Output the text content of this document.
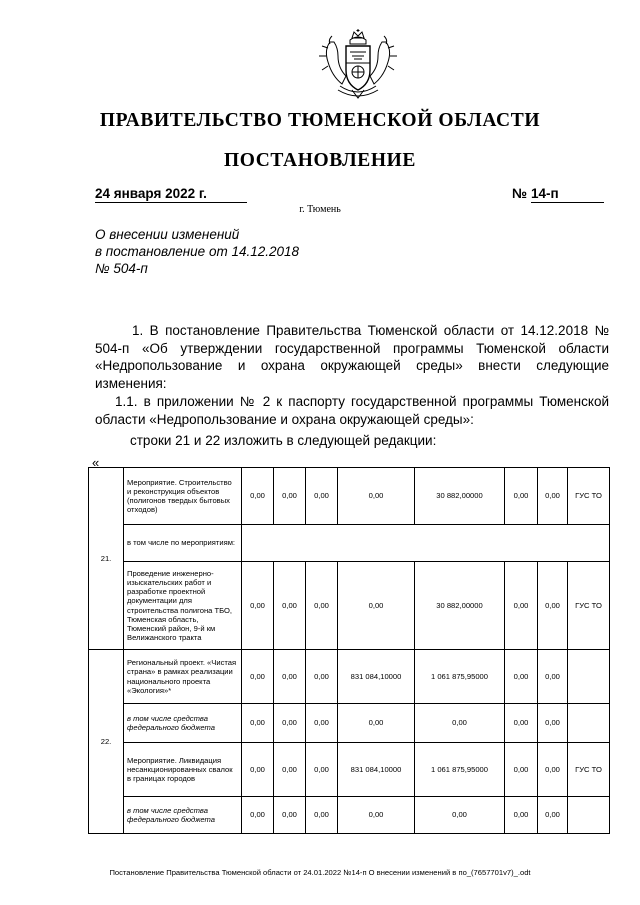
ПРАВИТЕЛЬСТВО ТЮМЕНСКОЙ ОБЛАСТИ
ПОСТАНОВЛЕНИЕ
24 января 2022 г.	№ 14-п
г. Тюмень
О внесении изменений
в постановление от 14.12.2018
№ 504-п
1. В постановление Правительства Тюменской области от 14.12.2018 № 504-п «Об утверждении государственной программы Тюменской области «Недропользование и охрана окружающей среды» внести следующие изменения:
1.1. в приложении № 2 к паспорту государственной программы Тюменской области «Недропользование и охрана окружающей среды»:
строки 21 и 22 изложить в следующей редакции:
«
21.	Мероприятие. Строительство и реконструкция объектов (полигонов твердых бытовых отходов)	0,00	0,00	0,00	0,00	30 882,00000	0,00	0,00	ГУС ТО
	в том числе по мероприятиям:								
	Проведение инженерно-изыскательских работ и разработке проектной документации для строительства полигона ТБО, Тюменская область, Тюменский район, 9-й км Велижанского тракта	0,00	0,00	0,00	0,00	30 882,00000	0,00	0,00	ГУС ТО
22.	Региональный проект. «Чистая страна» в рамках реализации национального проекта «Экология»*	0,00	0,00	0,00	831 084,10000	1 061 875,95000	0,00	0,00	
	в том числе средства федерального бюджета	0,00	0,00	0,00	0,00	0,00	0,00	0,00	
	Мероприятие. Ликвидация несанкционированных свалок в границах городов	0,00	0,00	0,00	831 084,10000	1 061 875,95000	0,00	0,00	ГУС ТО
	в том числе средства федерального бюджета	0,00	0,00	0,00	0,00	0,00	0,00	0,00	
Постановление Правительства Тюменской области от 24.01.2022 №14-п О внесении изменений в по_(7657701v7)_.odt
